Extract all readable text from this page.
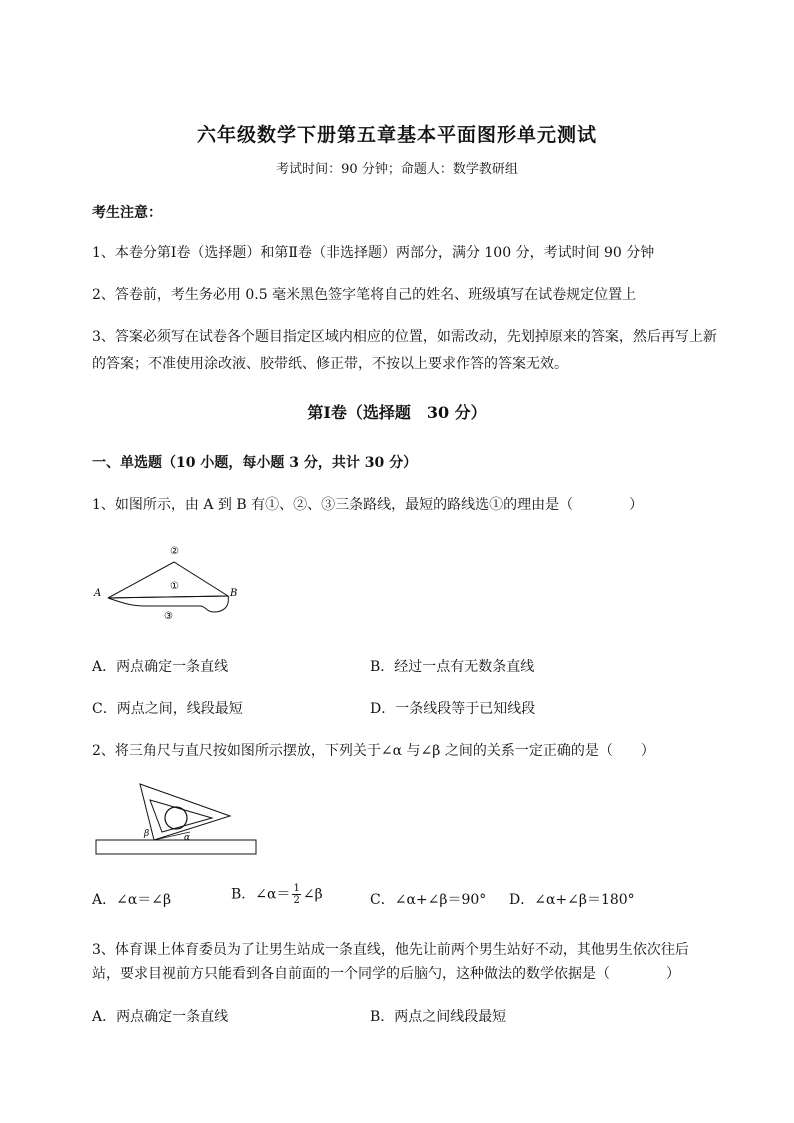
六年级数学下册第五章基本平面图形单元测试
考试时间：90 分钟；命题人：数学教研组
考生注意：
1、本卷分第Ⅰ卷（选择题）和第Ⅱ卷（非选择题）两部分，满分 100 分，考试时间 90 分钟
2、答卷前，考生务必用 0.5 毫米黑色签字笔将自己的姓名、班级填写在试卷规定位置上
3、答案必须写在试卷各个题目指定区域内相应的位置，如需改动，先划掉原来的答案，然后再写上新
的答案；不准使用涂改液、胶带纸、修正带，不按以上要求作答的答案无效。
第Ⅰ卷（选择题　30 分）
一、单选题（10 小题，每小题 3 分，共计 30 分）
1、如图所示，由 A 到 B 有①、②、③三条路线，最短的路线选①的理由是（　　　　）
A	B
①
②
③
A．两点确定一条直线	B．经过一点有无数条直线
C．两点之间，线段最短	D．一条线段等于已知线段
2、将三角尺与直尺按如图所示摆放，下列关于∠α 与∠β 之间的关系一定正确的是（　　）
α
β
A．∠α＝∠β	B．∠α＝ $\frac{1}{2}$ ∠β	C．∠α+∠β＝90° D．∠α+∠β＝180°
3、体育课上体育委员为了让男生站成一条直线，他先让前两个男生站好不动，其他男生依次往后
站，要求目视前方只能看到各自前面的一个同学的后脑勺，这种做法的数学依据是（　　　　）
A．两点确定一条直线	B．两点之间线段最短
